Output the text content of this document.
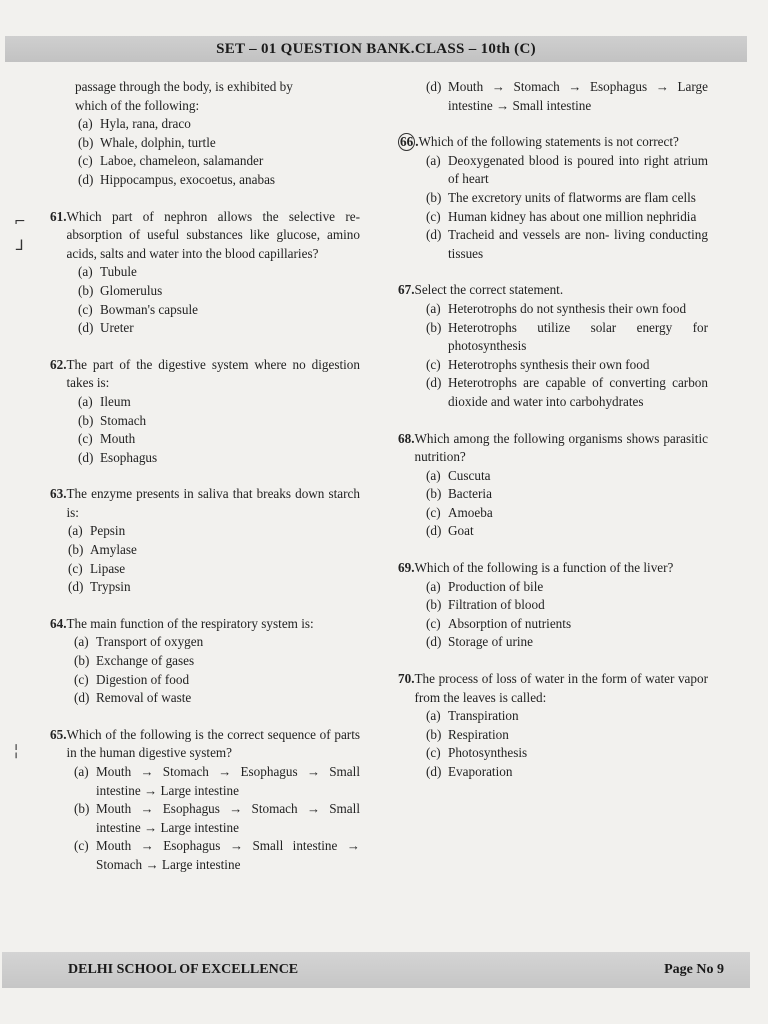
SET – 01 QUESTION BANK.CLASS – 10th (C)
passage through the body, is exhibited by
which of the following:
(a) Hyla, rana, draco
(b) Whale, dolphin, turtle
(c) Laboe, chameleon, salamander
(d) Hippocampus, exocoetus, anabas
61. Which part of nephron allows the selective re-absorption of useful substances like glucose, amino acids, salts and water into the blood capillaries?
(a) Tubule
(b) Glomerulus
(c) Bowman's capsule
(d) Ureter
62. The part of the digestive system where no digestion takes is:
(a) Ileum
(b) Stomach
(c) Mouth
(d) Esophagus
63. The enzyme presents in saliva that breaks down starch is:
(a) Pepsin
(b) Amylase
(c) Lipase
(d) Trypsin
64. The main function of the respiratory system is:
(a) Transport of oxygen
(b) Exchange of gases
(c) Digestion of food
(d) Removal of waste
65. Which of the following is the correct sequence of parts in the human digestive system?
(a) Mouth → Stomach → Esophagus → Small intestine → Large intestine
(b) Mouth → Esophagus → Stomach → Small intestine → Large intestine
(c) Mouth → Esophagus → Small intestine → Stomach → Large intestine
(d) Mouth → Stomach → Esophagus → Large intestine → Small intestine
66 . Which of the following statements is not correct?
(a) Deoxygenated blood is poured into right atrium of heart
(b) The excretory units of flatworms are flam cells
(c) Human kidney has about one million nephridia
(d) Tracheid and vessels are non- living conducting tissues
67. Select the correct statement.
(a) Heterotrophs do not synthesis their own food
(b) Heterotrophs utilize solar energy for photosynthesis
(c) Heterotrophs synthesis their own food
(d) Heterotrophs are capable of converting carbon dioxide and water into carbohydrates
68. Which among the following organisms shows parasitic nutrition?
(a) Cuscuta
(b) Bacteria
(c) Amoeba
(d) Goat
69. Which of the following is a function of the liver?
(a) Production of bile
(b) Filtration of blood
(c) Absorption of nutrients
(d) Storage of urine
70. The process of loss of water in the form of water vapor from the leaves is called:
(a) Transpiration
(b) Respiration
(c) Photosynthesis
(d) Evaporation
⌐
ᒧ
╎
DELHI SCHOOL OF EXCELLENCE	Page No 9
